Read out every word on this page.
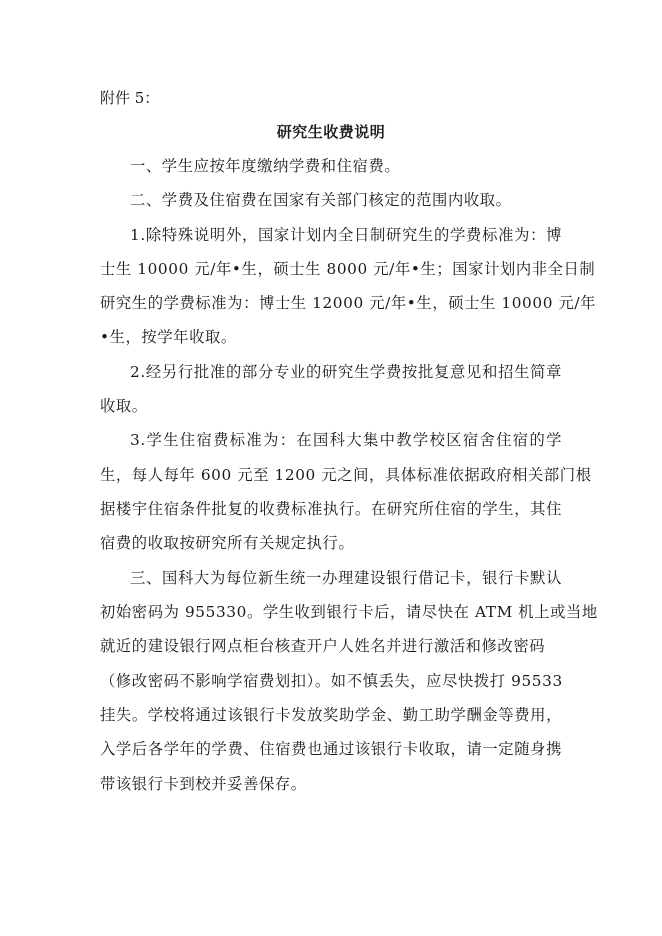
附件 5：
研究生收费说明
一、学生应按年度缴纳学费和住宿费。
二、学费及住宿费在国家有关部门核定的范围内收取。
1.除特殊说明外，国家计划内全日制研究生的学费标准为：博
士生 10000 元/年•生，硕士生 8000 元/年•生；国家计划内非全日制
研究生的学费标准为：博士生 12000 元/年•生，硕士生 10000 元/年
•生，按学年收取。
2.经另行批准的部分专业的研究生学费按批复意见和招生简章
收取。
3.学生住宿费标准为：在国科大集中教学校区宿舍住宿的学
生，每人每年 600 元至 1200 元之间，具体标准依据政府相关部门根
据楼宇住宿条件批复的收费标准执行。在研究所住宿的学生，其住
宿费的收取按研究所有关规定执行。
三、国科大为每位新生统一办理建设银行借记卡，银行卡默认
初始密码为 955330。学生收到银行卡后，请尽快在 ATM 机上或当地
就近的建设银行网点柜台核查开户人姓名并进行激活和修改密码
（修改密码不影响学宿费划扣）。如不慎丢失，应尽快拨打 95533
挂失。学校将通过该银行卡发放奖助学金、勤工助学酬金等费用，
入学后各学年的学费、住宿费也通过该银行卡收取，请一定随身携
带该银行卡到校并妥善保存。
